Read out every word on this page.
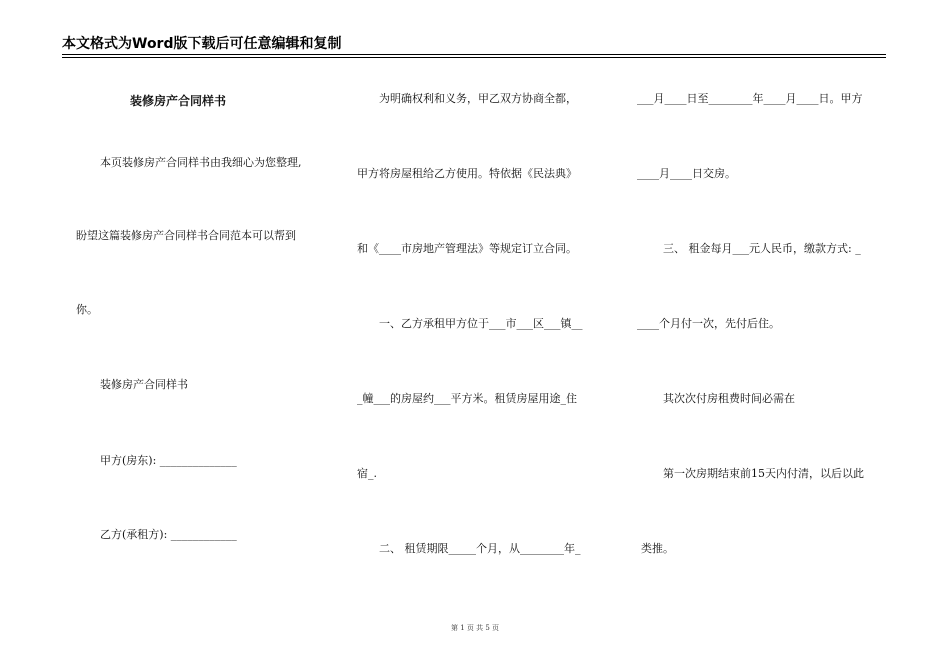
本文格式为Word版下载后可任意编辑和复制
装修房产合同样书
本页装修房产合同样书由我细心为您整理,
盼望这篇装修房产合同样书合同范本可以帮到
你。
装修房产合同样书
甲方(房东): ______________
乙方(承租方): ____________
为明确权利和义务，甲乙双方协商全都，
甲方将房屋租给乙方使用。特依据《民法典》
和《____市房地产管理法》等规定订立合同。
一、乙方承租甲方位于___市___区___镇__
_幢___的房屋约___平方米。租赁房屋用途_住
宿_.
二、 租赁期限_____个月，从________年_
___月____日至________年____月____日。甲方
____月____日交房。
三、 租金每月___元人民币，缴款方式: _
____个月付一次，先付后住。
其次次付房租费时间必需在
第一次房期结束前15天内付清，以后以此
类推。
第 1 页 共 5 页
